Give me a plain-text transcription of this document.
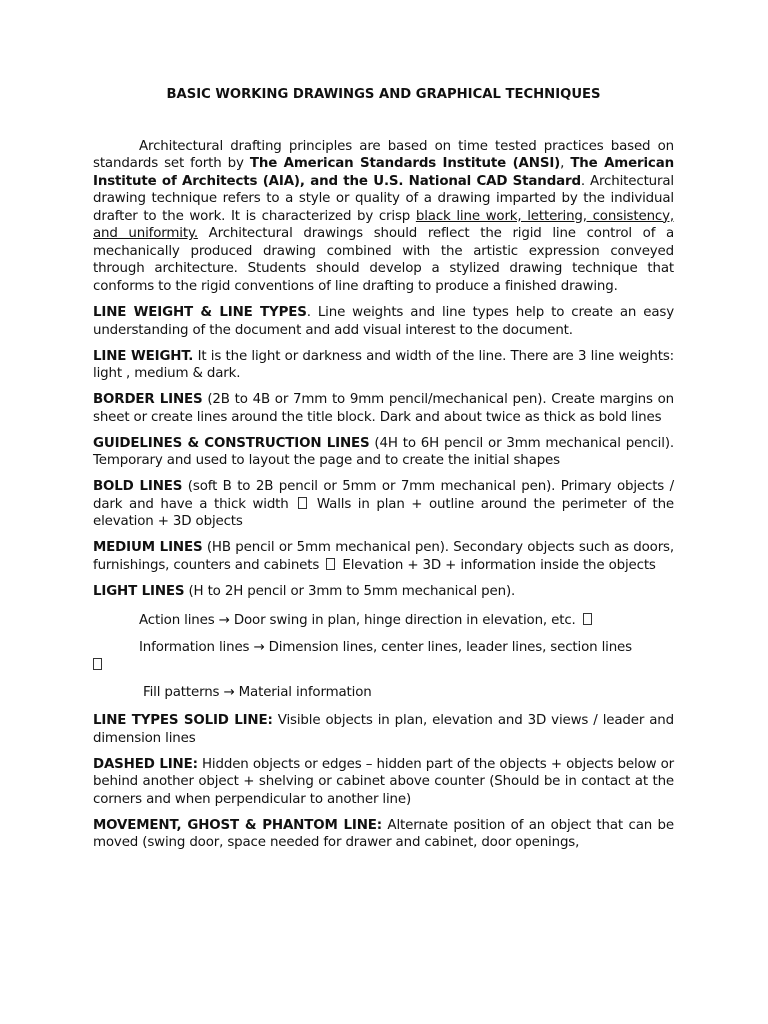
BASIC WORKING DRAWINGS AND GRAPHICAL TECHNIQUES

Architectural drafting principles are based on time tested practices based on standards set forth by The American Standards Institute (ANSI), The American Institute of Architects (AIA), and the U.S. National CAD Standard. Architectural drawing technique refers to a style or quality of a drawing imparted by the individual drafter to the work. It is characterized by crisp black line work, lettering, consistency, and uniformity. Architectural drawings should reflect the rigid line control of a mechanically produced drawing combined with the artistic expression conveyed through architecture. Students should develop a stylized drawing technique that conforms to the rigid conventions of line drafting to produce a finished drawing.

LINE WEIGHT & LINE TYPES. Line weights and line types help to create an easy understanding of the document and add visual interest to the document.

LINE WEIGHT. It is the light or darkness and width of the line. There are 3 line weights: light , medium & dark.

BORDER LINES (2B to 4B or 7mm to 9mm pencil/mechanical pen). Create margins on sheet or create lines around the title block. Dark and about twice as thick as bold lines

GUIDELINES & CONSTRUCTION LINES (4H to 6H pencil or 3mm mechanical pencil). Temporary and used to layout the page and to create the initial shapes

BOLD LINES (soft B to 2B pencil or 5mm or 7mm mechanical pen). Primary objects / dark and have a thick width  Walls in plan + outline around the perimeter of the elevation + 3D objects

MEDIUM LINES (HB pencil or 5mm mechanical pen). Secondary objects such as doors, furnishings, counters and cabinets  Elevation + 3D + information inside the objects

LIGHT LINES (H to 2H pencil or 3mm to 5mm mechanical pen).

Action lines → Door swing in plan, hinge direction in elevation, etc.

Information lines → Dimension lines, center lines, leader lines, section lines

Fill patterns → Material information

LINE TYPES SOLID LINE: Visible objects in plan, elevation and 3D views / leader and dimension lines

DASHED LINE: Hidden objects or edges – hidden part of the objects + objects below or behind another object + shelving or cabinet above counter (Should be in contact at the corners and when perpendicular to another line)

MOVEMENT, GHOST & PHANTOM LINE: Alternate position of an object that can be moved (swing door, space needed for drawer and cabinet, door openings,
